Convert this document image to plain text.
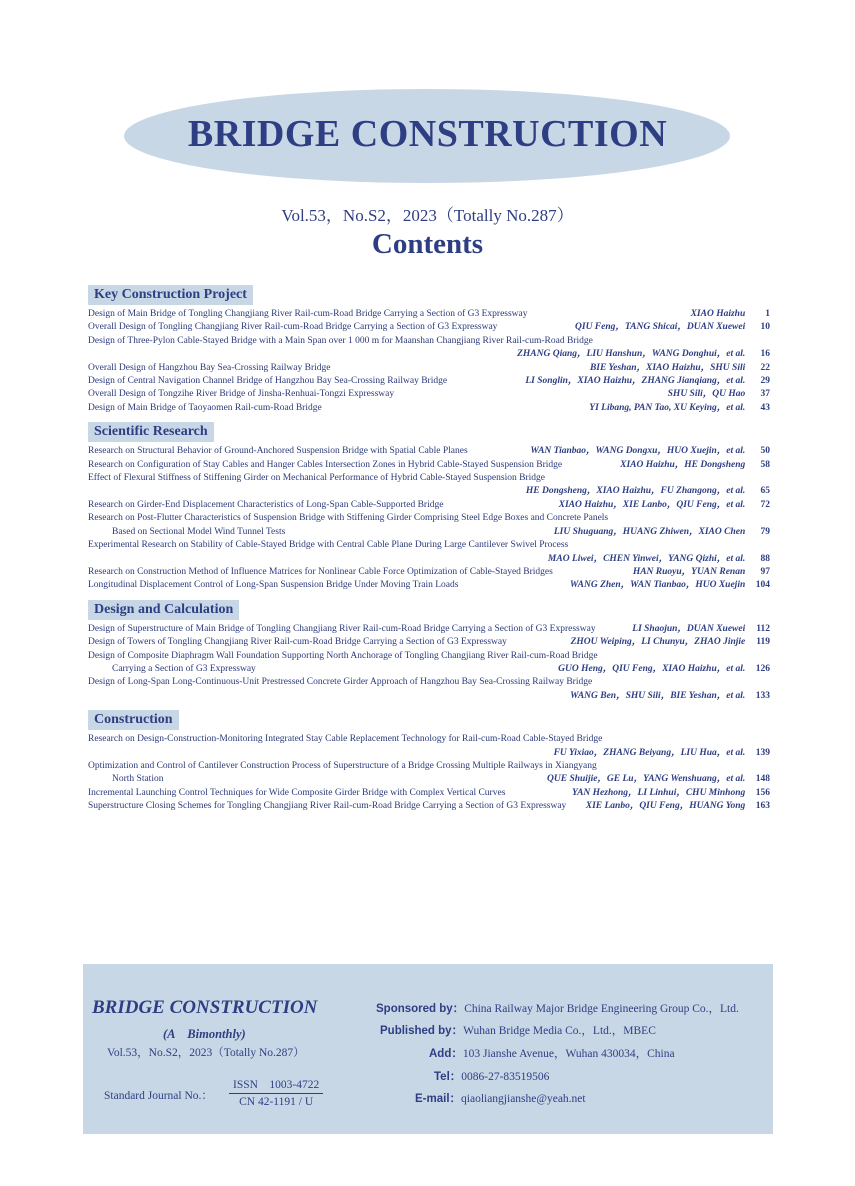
BRIDGE CONSTRUCTION
Vol.53，No.S2，2023（Totally No.287）
Contents
Key Construction Project
Design of Main Bridge of Tongling Changjiang River Rail-cum-Road Bridge Carrying a Section of G3 Expressway	XIAO Haizhu 1
Overall Design of Tongling Changjiang River Rail-cum-Road Bridge Carrying a Section of G3 Expressway	QIU Feng，TANG Shicai，DUAN Xuewei 10
Design of Three-Pylon Cable-Stayed Bridge with a Main Span over 1 000 m for Maanshan Changjiang River Rail-cum-Road Bridge
ZHANG Qiang，LIU Hanshun，WANG Donghui，et al. 16
Overall Design of Hangzhou Bay Sea-Crossing Railway Bridge	BIE Yeshan，XIAO Haizhu，SHU Sili 22
Design of Central Navigation Channel Bridge of Hangzhou Bay Sea-Crossing Railway Bridge	LI Songlin，XIAO Haizhu，ZHANG Jianqiang，et al. 29
Overall Design of Tongzihe River Bridge of Jinsha-Renhuai-Tongzi Expressway	SHU Sili，QU Hao 37
Design of Main Bridge of Taoyaomen Rail-cum-Road Bridge	YI Libang, PAN Tao, XU Keying，et al. 43
Scientific Research
Research on Structural Behavior of Ground-Anchored Suspension Bridge with Spatial Cable Planes	WAN Tianbao，WANG Dongxu，HUO Xuejin，et al. 50
Research on Configuration of Stay Cables and Hanger Cables Intersection Zones in Hybrid Cable-Stayed Suspension Bridge	XIAO Haizhu，HE Dongsheng 58
Effect of Flexural Stiffness of Stiffening Girder on Mechanical Performance of Hybrid Cable-Stayed Suspension Bridge
HE Dongsheng，XIAO Haizhu，FU Zhangong，et al. 65
Research on Girder-End Displacement Characteristics of Long-Span Cable-Supported Bridge	XIAO Haizhu，XIE Lanbo，QIU Feng，et al. 72
Research on Post-Flutter Characteristics of Suspension Bridge with Stiffening Girder Comprising Steel Edge Boxes and Concrete Panels
Based on Sectional Model Wind Tunnel Tests	LIU Shuguang，HUANG Zhiwen，XIAO Chen 79
Experimental Research on Stability of Cable-Stayed Bridge with Central Cable Plane During Large Cantilever Swivel Process
MAO Liwei，CHEN Yinwei，YANG Qizhi，et al. 88
Research on Construction Method of Influence Matrices for Nonlinear Cable Force Optimization of Cable-Stayed Bridges	HAN Ruoyu，YUAN Renan 97
Longitudinal Displacement Control of Long-Span Suspension Bridge Under Moving Train Loads	WANG Zhen，WAN Tianbao，HUO Xuejin 104
Design and Calculation
Design of Superstructure of Main Bridge of Tongling Changjiang River Rail-cum-Road Bridge Carrying a Section of G3 Expressway	LI Shaojun，DUAN Xuewei 112
Design of Towers of Tongling Changjiang River Rail-cum-Road Bridge Carrying a Section of G3 Expressway	ZHOU Weiping，LI Chunyu，ZHAO Jinjie 119
Design of Composite Diaphragm Wall Foundation Supporting North Anchorage of Tongling Changjiang River Rail-cum-Road Bridge
Carrying a Section of G3 Expressway	GUO Heng，QIU Feng，XIAO Haizhu，et al. 126
Design of Long-Span Long-Continuous-Unit Prestressed Concrete Girder Approach of Hangzhou Bay Sea-Crossing Railway Bridge
WANG Ben，SHU Sili，BIE Yeshan，et al. 133
Construction
Research on Design-Construction-Monitoring Integrated Stay Cable Replacement Technology for Rail-cum-Road Cable-Stayed Bridge
FU Yixiao，ZHANG Beiyang，LIU Hua，et al. 139
Optimization and Control of Cantilever Construction Process of Superstructure of a Bridge Crossing Multiple Railways in Xiangyang
North Station	QUE Shuijie，GE Lu，YANG Wenshuang，et al. 148
Incremental Launching Control Techniques for Wide Composite Girder Bridge with Complex Vertical Curves	YAN Hezhong，LI Linhui，CHU Minhong 156
Superstructure Closing Schemes for Tongling Changjiang River Rail-cum-Road Bridge Carrying a Section of G3 Expressway XIE Lanbo，QIU Feng，HUANG Yong 163
BRIDGE CONSTRUCTION
(A　Bimonthly)
Vol.53，No.S2，2023（Totally No.287）
Standard Journal No.：
ISSN　1003-4722
CN 42-1191 / U
Sponsored by：China Railway Major Bridge Engineering Group Co.，Ltd.
Published by：Wuhan Bridge Media Co.，Ltd.，MBEC
Add：103 Jianshe Avenue，Wuhan 430034，China
Tel：0086-27-83519506
E-mail：qiaoliangjianshe@yeah.net
